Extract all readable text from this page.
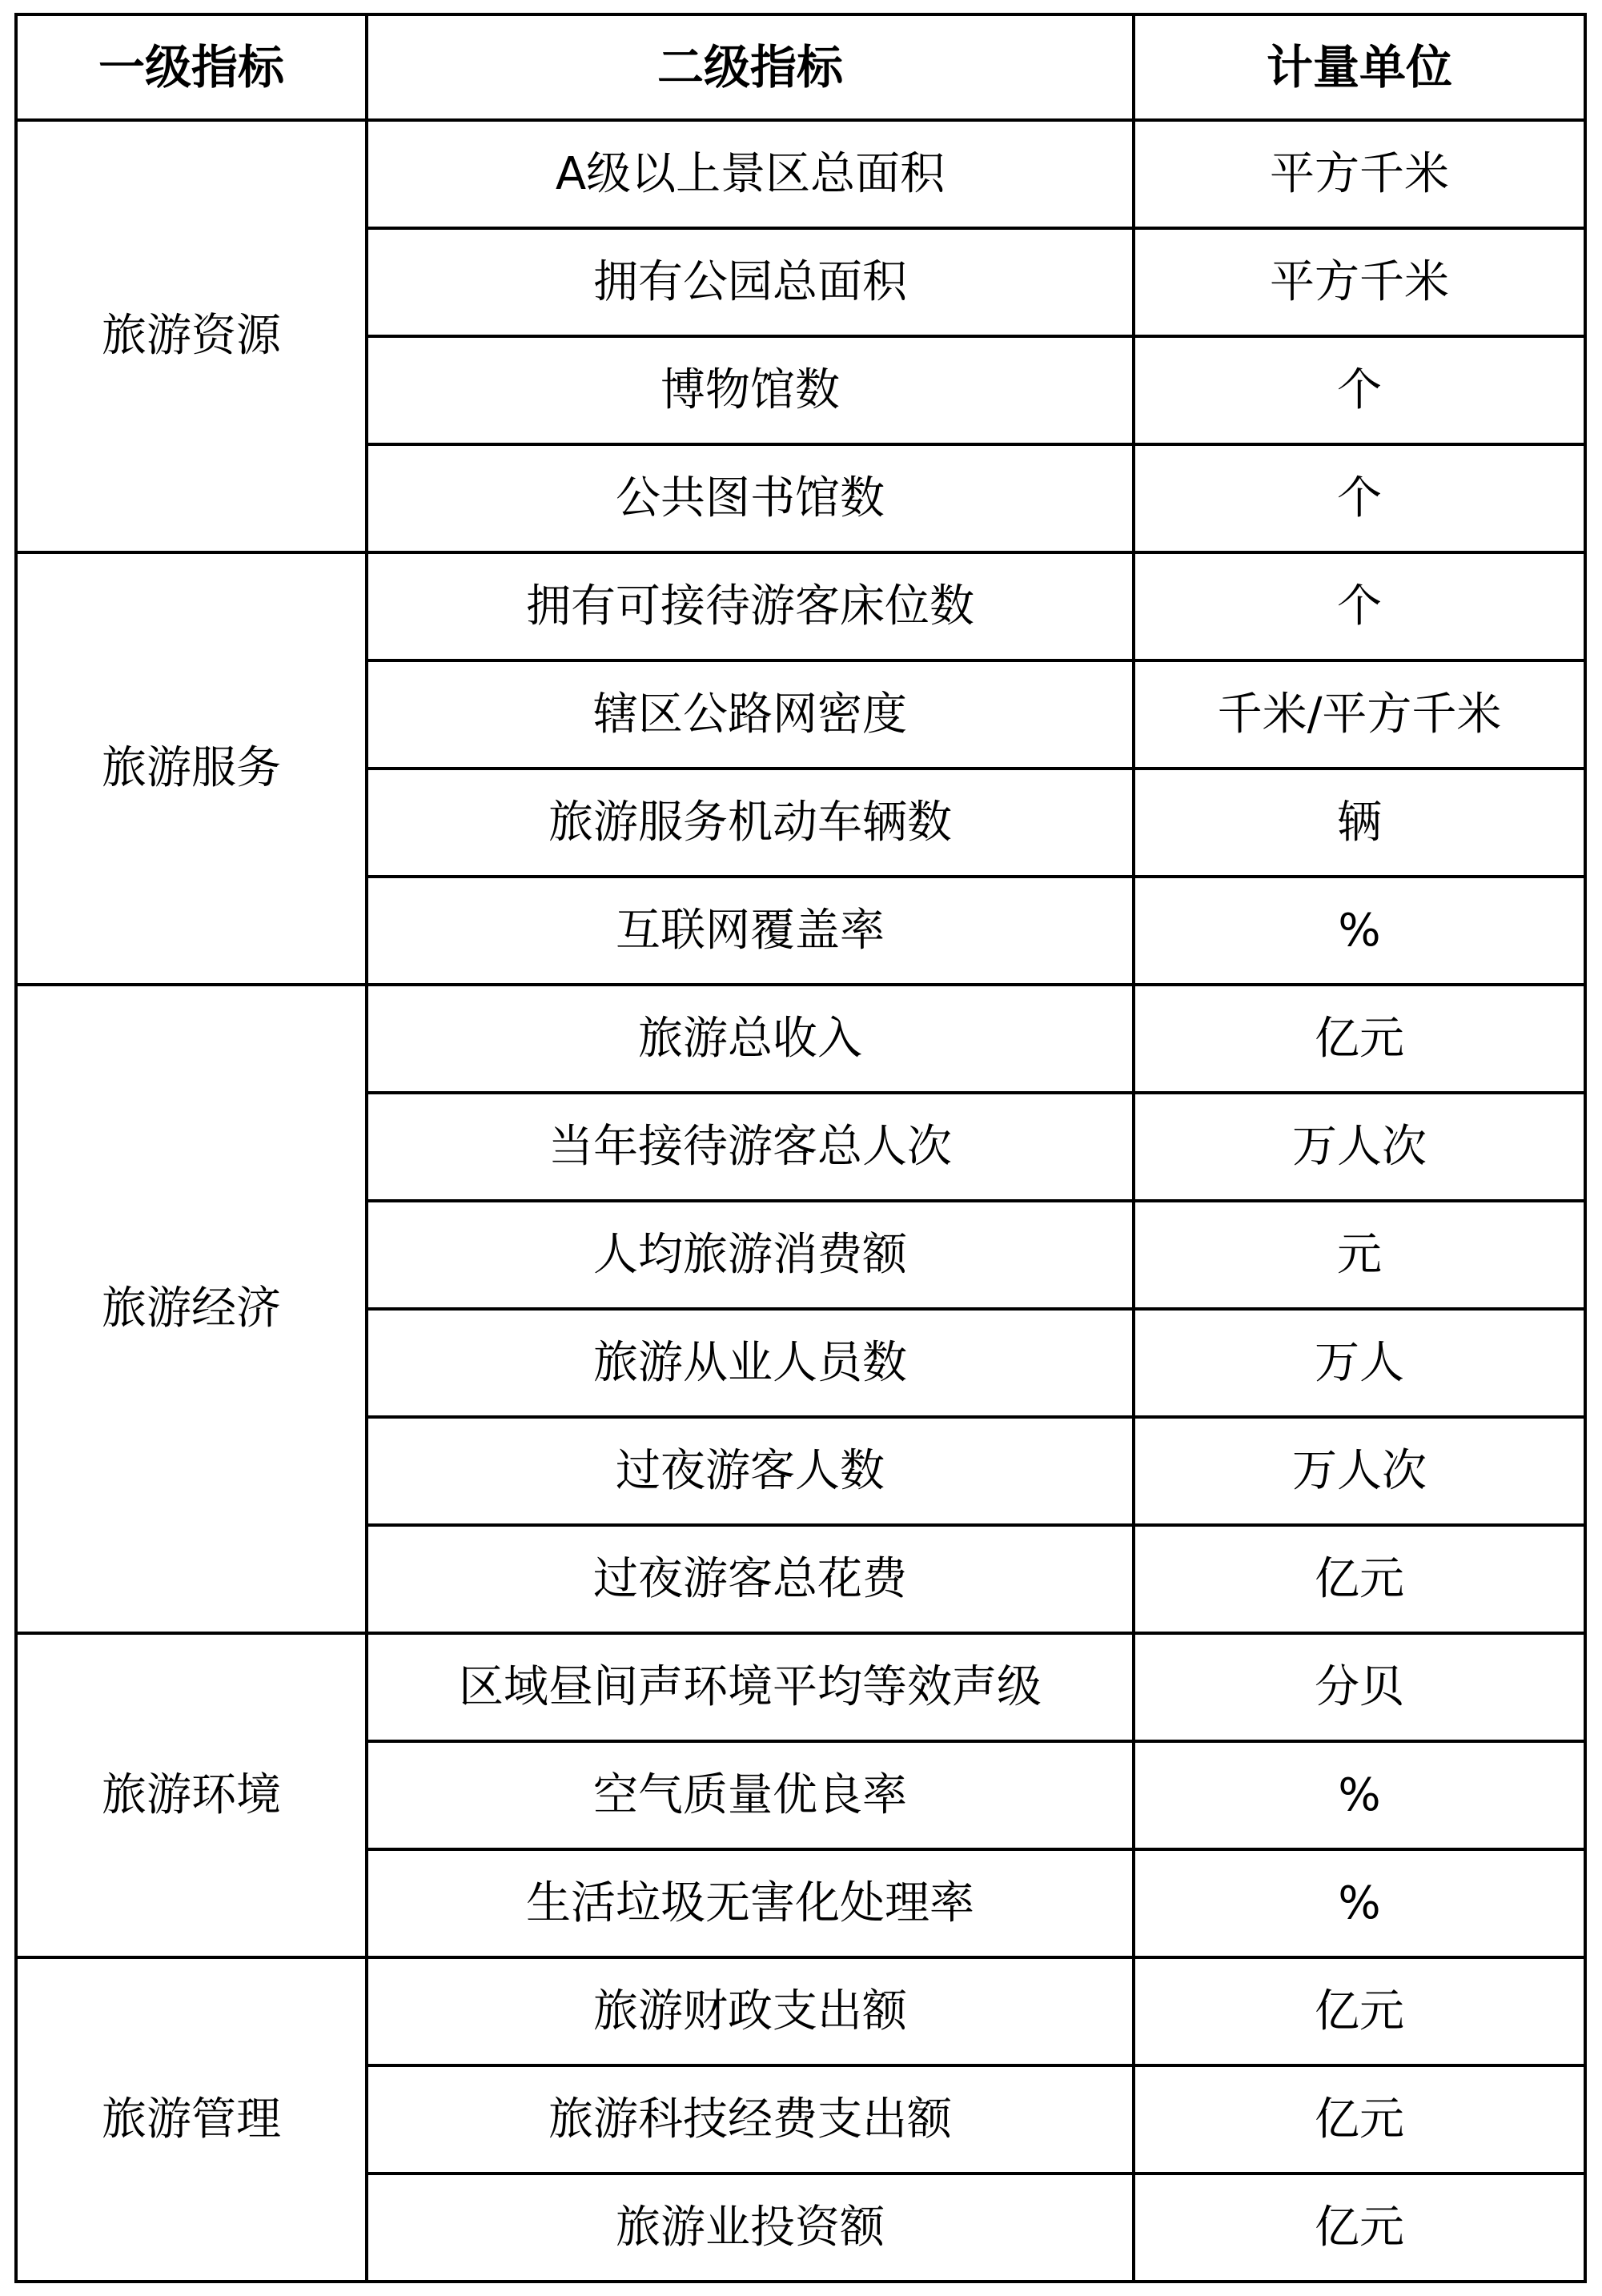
一级指标	二级指标	计量单位
旅游资源	A级以上景区总面积	平方千米
	拥有公园总面积	平方千米
	博物馆数	个
	公共图书馆数	个
旅游服务	拥有可接待游客床位数	个
	辖区公路网密度	千米/平方千米
	旅游服务机动车辆数	辆
	互联网覆盖率	%
旅游经济	旅游总收入	亿元
	当年接待游客总人次	万人次
	人均旅游消费额	元
	旅游从业人员数	万人
	过夜游客人数	万人次
	过夜游客总花费	亿元
旅游环境	区域昼间声环境平均等效声级	分贝
	空气质量优良率	%
	生活垃圾无害化处理率	%
旅游管理	旅游财政支出额	亿元
	旅游科技经费支出额	亿元
	旅游业投资额	亿元
